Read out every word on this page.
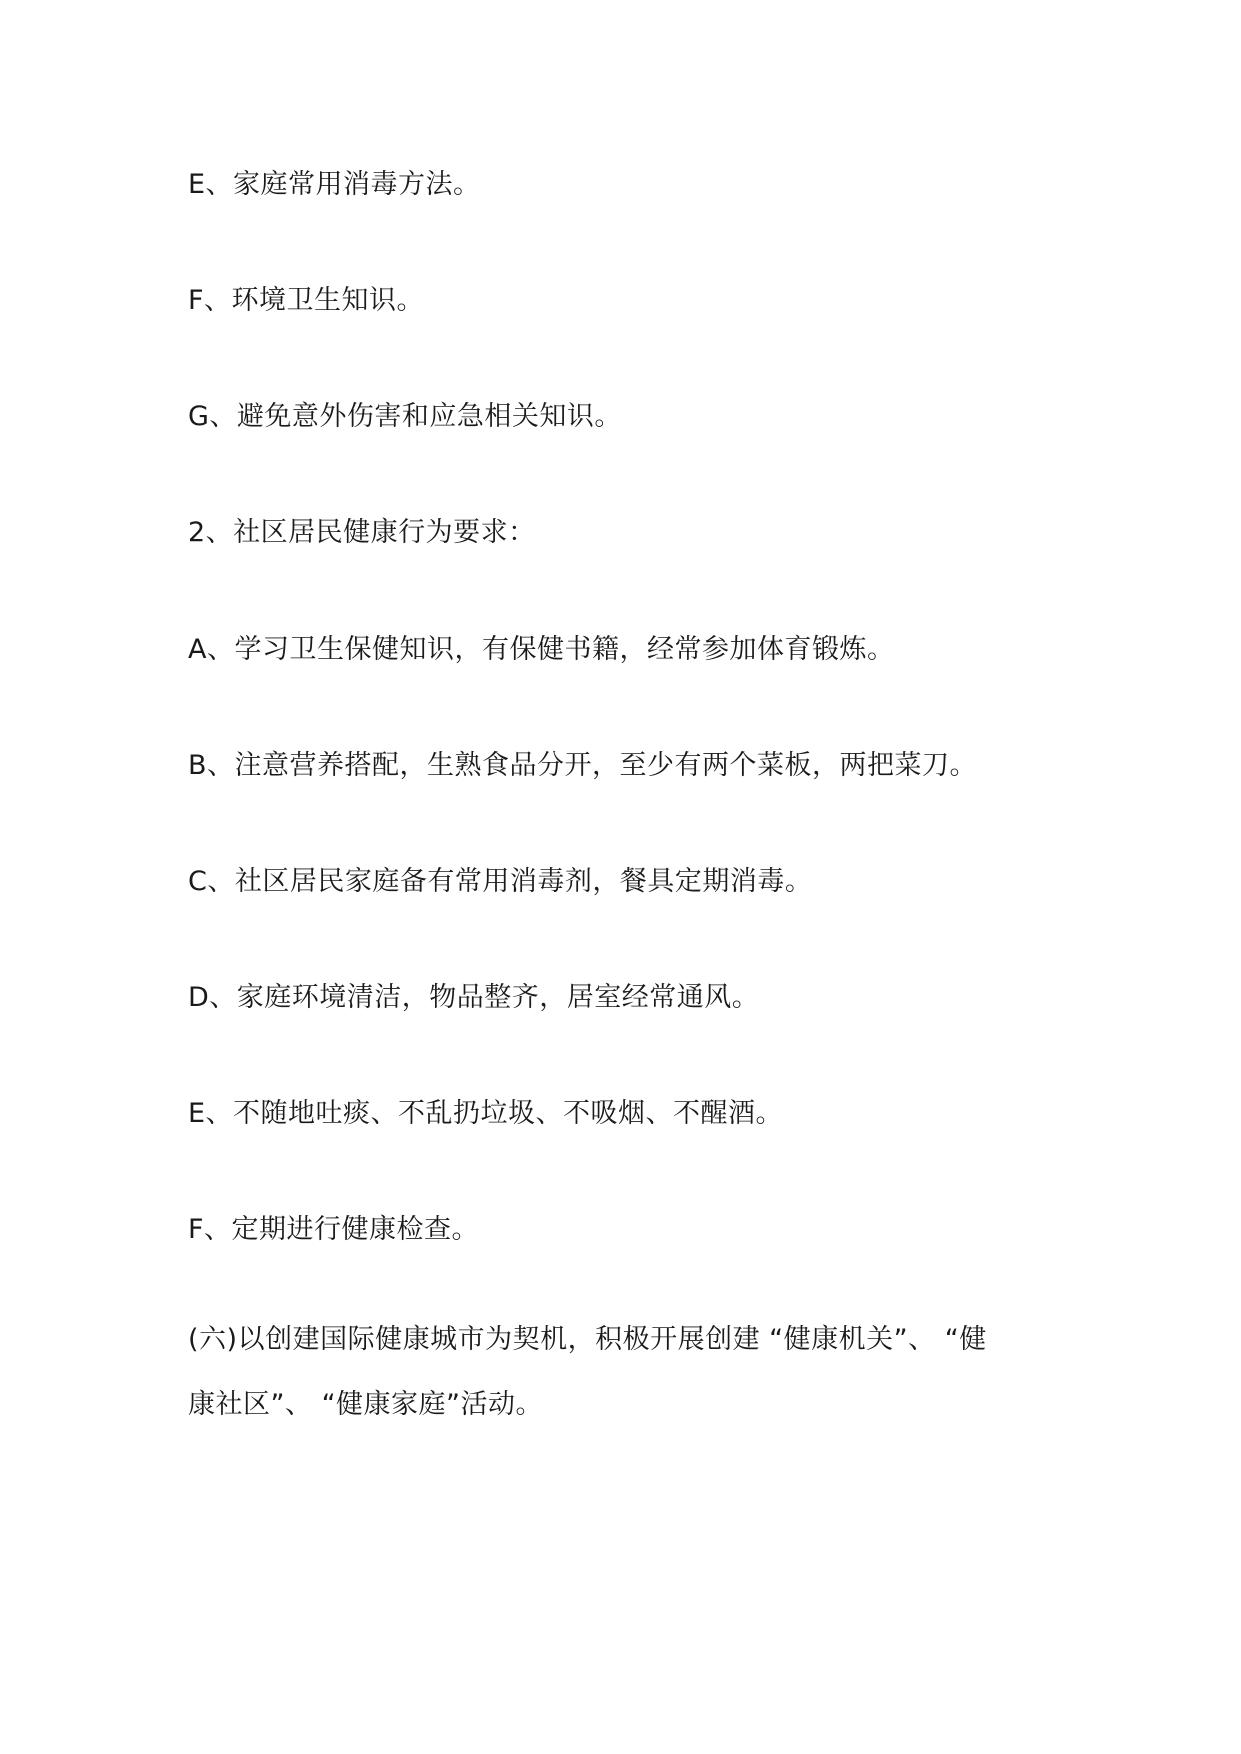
E、家庭常用消毒方法。
F、环境卫生知识。
G、避免意外伤害和应急相关知识。
2、社区居民健康行为要求：
A、学习卫生保健知识，有保健书籍，经常参加体育锻炼。
B、注意营养搭配，生熟食品分开，至少有两个菜板，两把菜刀。
C、社区居民家庭备有常用消毒剂，餐具定期消毒。
D、家庭环境清洁，物品整齐，居室经常通风。
E、不随地吐痰、不乱扔垃圾、不吸烟、不醒酒。
F、定期进行健康检查。
(六)以创建国际健康城市为契机，积极开展创建 “健康机关”、 “健
康社区”、 “健康家庭”活动。
